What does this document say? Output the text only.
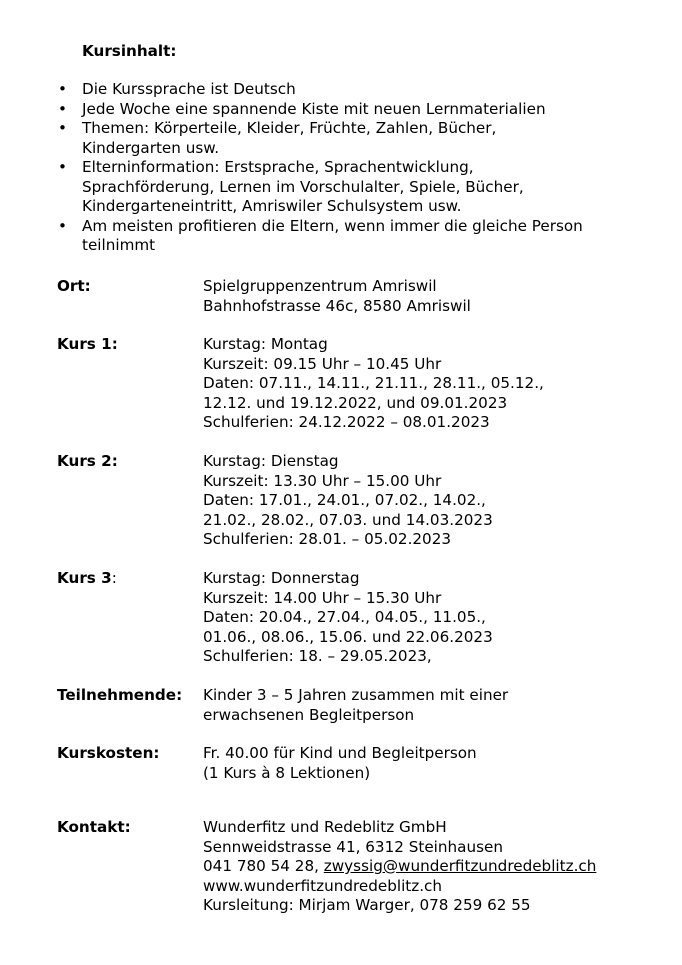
Kursinhalt:

• Die Kurssprache ist Deutsch
• Jede Woche eine spannende Kiste mit neuen Lernmaterialien
• Themen: Körperteile, Kleider, Früchte, Zahlen, Bücher,
Kindergarten usw.
• Elterninformation: Erstsprache, Sprachentwicklung,
Sprachförderung, Lernen im Vorschulalter, Spiele, Bücher,
Kindergarteneintritt, Amriswiler Schulsystem usw.
• Am meisten profitieren die Eltern, wenn immer die gleiche Person
teilnimmt
Ort:	Spielgruppenzentrum Amriswil
Bahnhofstrasse 46c, 8580 Amriswil
Kurs 1:	Kurstag: Montag
Kurszeit: 09.15 Uhr – 10.45 Uhr
Daten: 07.11., 14.11., 21.11., 28.11., 05.12.,
12.12. und 19.12.2022, und 09.01.2023
Schulferien: 24.12.2022 – 08.01.2023
Kurs 2:	Kurstag: Dienstag
Kurszeit: 13.30 Uhr – 15.00 Uhr
Daten: 17.01., 24.01., 07.02., 14.02.,
21.02., 28.02., 07.03. und 14.03.2023
Schulferien: 28.01. – 05.02.2023
Kurs 3:	Kurstag: Donnerstag
Kurszeit: 14.00 Uhr – 15.30 Uhr
Daten: 20.04., 27.04., 04.05., 11.05.,
01.06., 08.06., 15.06. und 22.06.2023
Schulferien: 18. – 29.05.2023,
Teilnehmende: Kinder 3 – 5 Jahren zusammen mit einer
erwachsenen Begleitperson
Kurskosten:	Fr. 40.00 für Kind und Begleitperson
(1 Kurs à 8 Lektionen)
Kontakt:	Wunderfitz und Redeblitz GmbH
Sennweidstrasse 41, 6312 Steinhausen
041 780 54 28, zwyssig@wunderfitzundredeblitz.ch
www.wunderfitzundredeblitz.ch
Kursleitung: Mirjam Warger, 078 259 62 55
